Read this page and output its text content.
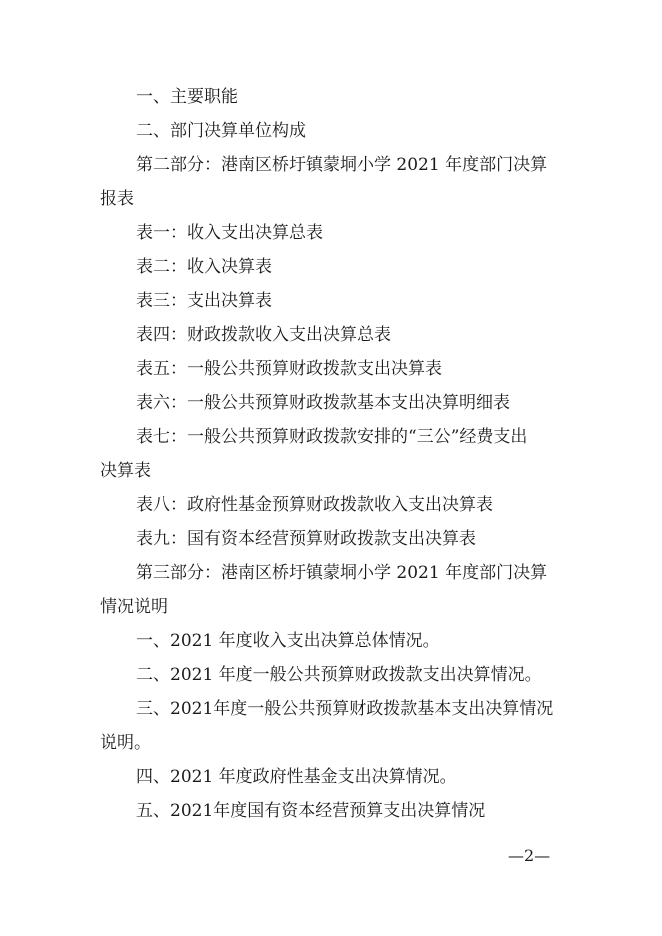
一、主要职能
二、部门决算单位构成
第二部分：港南区桥圩镇蒙垌小学 2021 年度部门决算
报表
表一：收入支出决算总表
表二：收入决算表
表三：支出决算表
表四：财政拨款收入支出决算总表
表五：一般公共预算财政拨款支出决算表
表六：一般公共预算财政拨款基本支出决算明细表
表七：一般公共预算财政拨款安排的“三公”经费支出
决算表
表八：政府性基金预算财政拨款收入支出决算表
表九：国有资本经营预算财政拨款支出决算表
第三部分：港南区桥圩镇蒙垌小学 2021 年度部门决算
情况说明
一、2021 年度收入支出决算总体情况。
二、2021 年度一般公共预算财政拨款支出决算情况。
三、2021年度一般公共预算财政拨款基本支出决算情况
说明。
四、2021 年度政府性基金支出决算情况。
五、2021年度国有资本经营预算支出决算情况
—2—
